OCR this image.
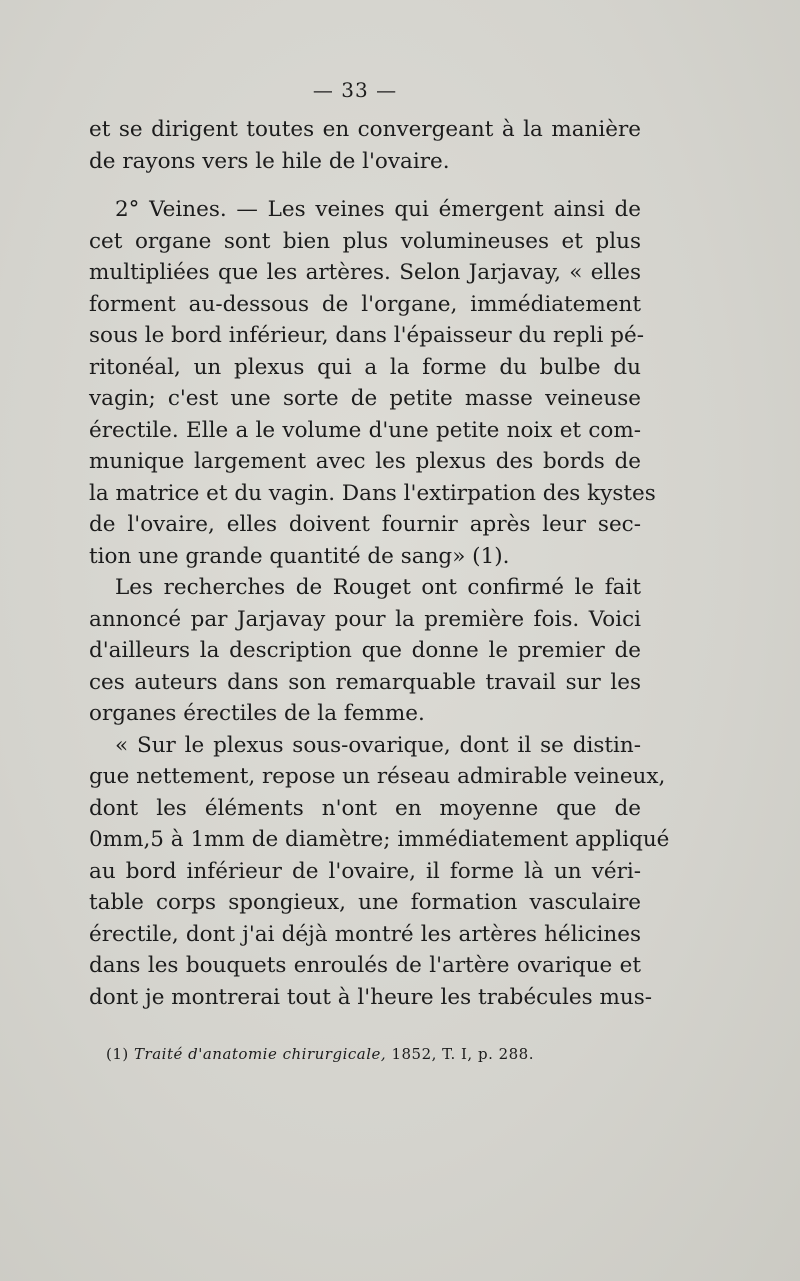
— 33 —
et se dirigent toutes en convergeant à la manière
de rayons vers le hile de l'ovaire.
2° Veines. — Les veines qui émergent ainsi de
cet organe sont bien plus volumineuses et plus
multipliées que les artères. Selon Jarjavay, « elles
forment au-dessous de l'organe, immédiatement
sous le bord inférieur, dans l'épaisseur du repli pé-
ritonéal, un plexus qui a la forme du bulbe du
vagin; c'est une sorte de petite masse veineuse
érectile. Elle a le volume d'une petite noix et com-
munique largement avec les plexus des bords de
la matrice et du vagin. Dans l'extirpation des kystes
de l'ovaire, elles doivent fournir après leur sec-
tion une grande quantité de sang» (1).
Les recherches de Rouget ont confirmé le fait
annoncé par Jarjavay pour la première fois. Voici
d'ailleurs la description que donne le premier de
ces auteurs dans son remarquable travail sur les
organes érectiles de la femme.
« Sur le plexus sous-ovarique, dont il se distin-
gue nettement, repose un réseau admirable veineux,
dont les éléments n'ont en moyenne que de
0mm,5 à 1mm de diamètre; immédiatement appliqué
au bord inférieur de l'ovaire, il forme là un véri-
table corps spongieux, une formation vasculaire
érectile, dont j'ai déjà montré les artères hélicines
dans les bouquets enroulés de l'artère ovarique et
dont je montrerai tout à l'heure les trabécules mus-
(1) Traité d'anatomie chirurgicale, 1852, T. I, p. 288.
